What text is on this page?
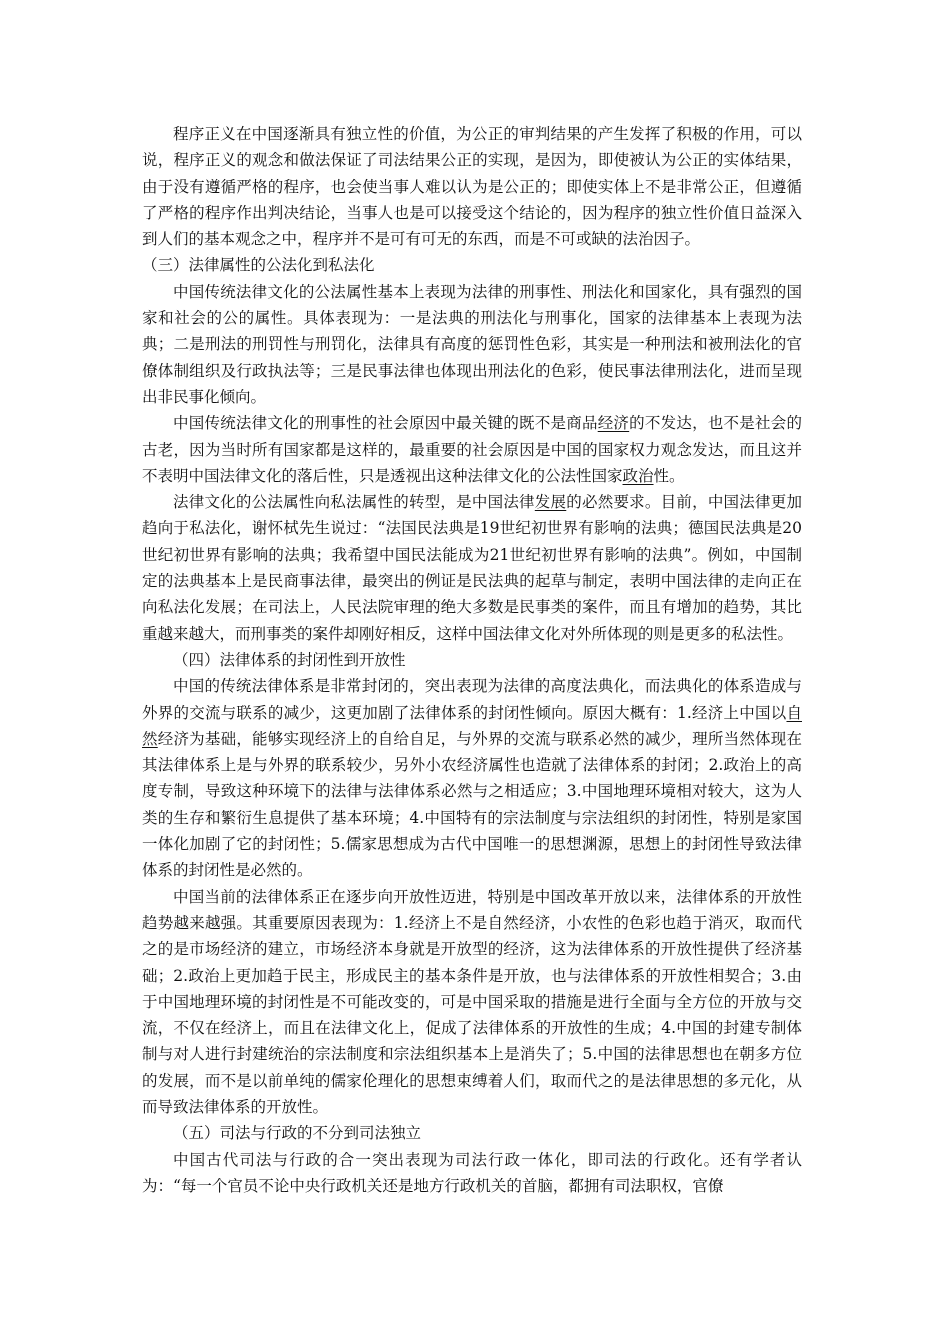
程序正义在中国逐渐具有独立性的价值，为公正的审判结果的产生发挥了积极的作用，可以说，程序正义的观念和做法保证了司法结果公正的实现，是因为，即使被认为公正的实体结果，由于没有遵循严格的程序，也会使当事人难以认为是公正的；即使实体上不是非常公正，但遵循了严格的程序作出判决结论，当事人也是可以接受这个结论的，因为程序的独立性价值日益深入到人们的基本观念之中，程序并不是可有可无的东西，而是不可或缺的法治因子。

（三）法律属性的公法化到私法化

中国传统法律文化的公法属性基本上表现为法律的刑事性、刑法化和国家化，具有强烈的国家和社会的公的属性。具体表现为：一是法典的刑法化与刑事化，国家的法律基本上表现为法典；二是刑法的刑罚性与刑罚化，法律具有高度的惩罚性色彩，其实是一种刑法和被刑法化的官僚体制组织及行政执法等；三是民事法律也体现出刑法化的色彩，使民事法律刑法化，进而呈现出非民事化倾向。

中国传统法律文化的刑事性的社会原因中最关键的既不是商品经济的不发达，也不是社会的古老，因为当时所有国家都是这样的，最重要的社会原因是中国的国家权力观念发达，而且这并不表明中国法律文化的落后性，只是透视出这种法律文化的公法性国家政治性。

法律文化的公法属性向私法属性的转型，是中国法律发展的必然要求。目前，中国法律更加趋向于私法化，谢怀栻先生说过：“法国民法典是19世纪初世界有影响的法典；德国民法典是20世纪初世界有影响的法典；我希望中国民法能成为21世纪初世界有影响的法典”。例如，中国制定的法典基本上是民商事法律，最突出的例证是民法典的起草与制定，表明中国法律的走向正在向私法化发展；在司法上，人民法院审理的绝大多数是民事类的案件，而且有增加的趋势，其比重越来越大，而刑事类的案件却刚好相反，这样中国法律文化对外所体现的则是更多的私法性。

（四）法律体系的封闭性到开放性

中国的传统法律体系是非常封闭的，突出表现为法律的高度法典化，而法典化的体系造成与外界的交流与联系的减少，这更加剧了法律体系的封闭性倾向。原因大概有：1.经济上中国以自然经济为基础，能够实现经济上的自给自足，与外界的交流与联系必然的减少，理所当然体现在其法律体系上是与外界的联系较少，另外小农经济属性也造就了法律体系的封闭；2.政治上的高度专制，导致这种环境下的法律与法律体系必然与之相适应；3.中国地理环境相对较大，这为人类的生存和繁衍生息提供了基本环境；4.中国特有的宗法制度与宗法组织的封闭性，特别是家国一体化加剧了它的封闭性；5.儒家思想成为古代中国唯一的思想渊源，思想上的封闭性导致法律体系的封闭性是必然的。

中国当前的法律体系正在逐步向开放性迈进，特别是中国改革开放以来，法律体系的开放性趋势越来越强。其重要原因表现为：1.经济上不是自然经济，小农性的色彩也趋于消灭，取而代之的是市场经济的建立，市场经济本身就是开放型的经济，这为法律体系的开放性提供了经济基础；2.政治上更加趋于民主，形成民主的基本条件是开放，也与法律体系的开放性相契合；3.由于中国地理环境的封闭性是不可能改变的，可是中国采取的措施是进行全面与全方位的开放与交流，不仅在经济上，而且在法律文化上，促成了法律体系的开放性的生成；4.中国的封建专制体制与对人进行封建统治的宗法制度和宗法组织基本上是消失了；5.中国的法律思想也在朝多方位的发展，而不是以前单纯的儒家伦理化的思想束缚着人们，取而代之的是法律思想的多元化，从而导致法律体系的开放性。

（五）司法与行政的不分到司法独立

中国古代司法与行政的合一突出表现为司法行政一体化，即司法的行政化。还有学者认为：“每一个官员不论中央行政机关还是地方行政机关的首脑，都拥有司法职权，官僚
